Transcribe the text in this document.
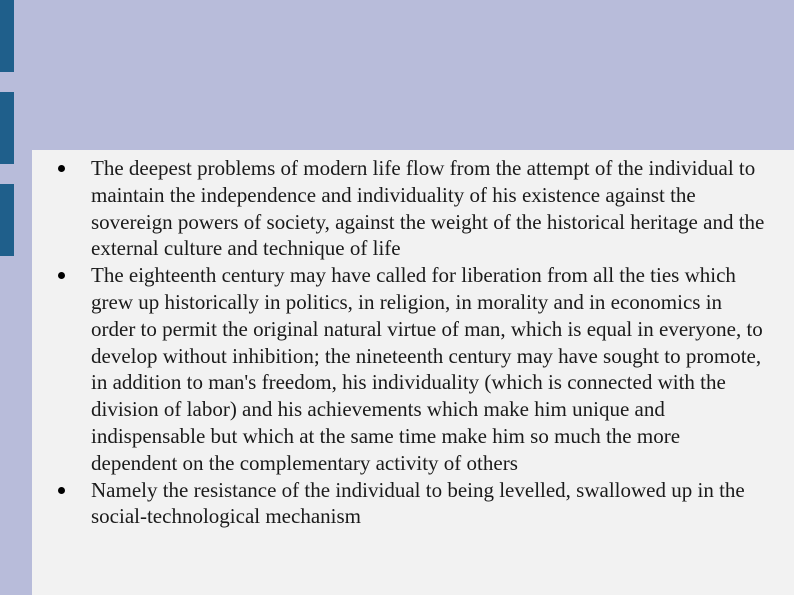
The deepest problems of modern life flow from the attempt of the individual to maintain the independence and individuality of his existence against the sovereign powers of society, against the weight of the historical heritage and the external culture and technique of life
The eighteenth century may have called for liberation from all the ties which grew up historically in politics, in religion, in morality and in economics in order to permit the original natural virtue of man, which is equal in everyone, to develop without inhibition; the nineteenth century may have sought to promote, in addition to man's freedom, his individuality (which is connected with the division of labor) and his achievements which make him unique and indispensable but which at the same time make him so much the more dependent on the complementary activity of others
Namely the resistance of the individual to being levelled, swallowed up in the social-technological mechanism
